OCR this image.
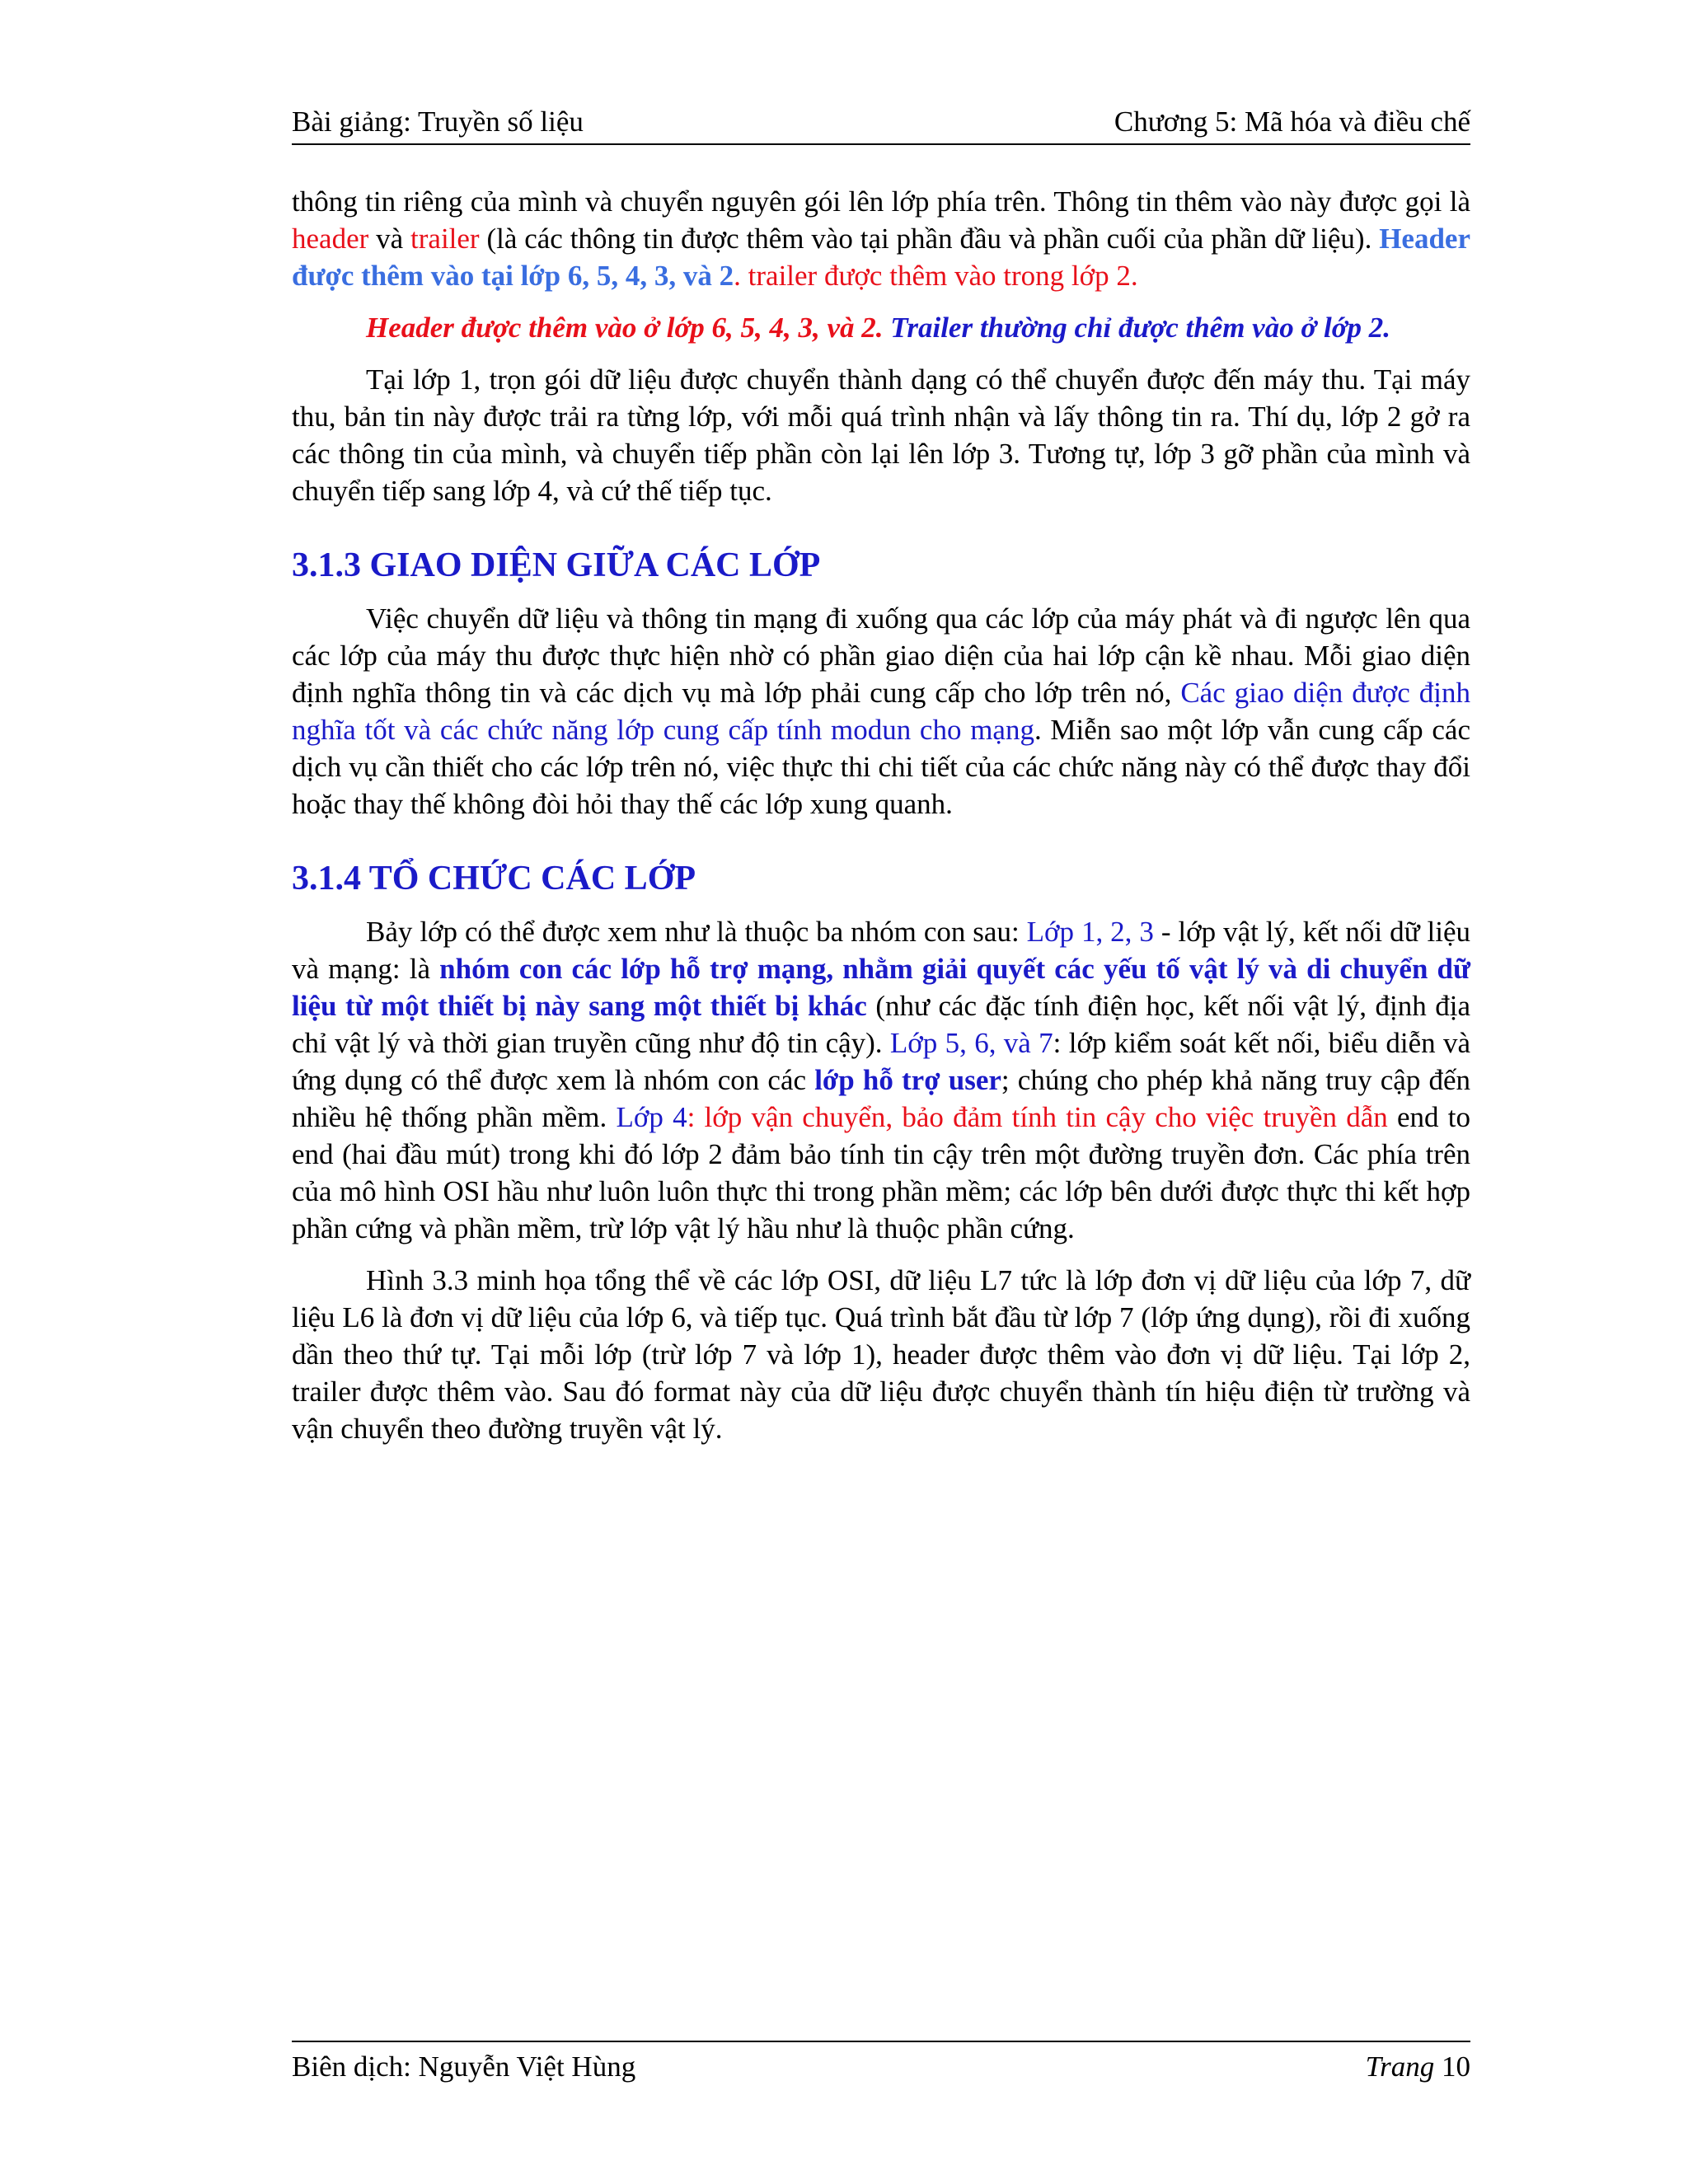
Bài giảng: Truyền số liệu	Chương 5: Mã hóa và điều chế

thông tin riêng của mình và chuyển nguyên gói lên lớp phía trên. Thông tin thêm vào này được gọi là header và trailer (là các thông tin được thêm vào tại phần đầu và phần cuối của phần dữ liệu). Header được thêm vào tại lớp 6, 5, 4, 3, và 2. trailer được thêm vào trong lớp 2.

Header được thêm vào ở lớp 6, 5, 4, 3, và 2. Trailer thường chỉ được thêm vào ở lớp 2.

Tại lớp 1, trọn gói dữ liệu được chuyển thành dạng có thể chuyển được đến máy thu. Tại máy thu, bản tin này được trải ra từng lớp, với mỗi quá trình nhận và lấy thông tin ra. Thí dụ, lớp 2 gở ra các thông tin của mình, và chuyển tiếp phần còn lại lên lớp 3. Tương tự, lớp 3 gỡ phần của mình và chuyển tiếp sang lớp 4, và cứ thế tiếp tục.

3.1.3 GIAO DIỆN GIỮA CÁC LỚP

Việc chuyển dữ liệu và thông tin mạng đi xuống qua các lớp của máy phát và đi ngược lên qua các lớp của máy thu được thực hiện nhờ có phần giao diện của hai lớp cận kề nhau. Mỗi giao diện định nghĩa thông tin và các dịch vụ mà lớp phải cung cấp cho lớp trên nó, Các giao diện được định nghĩa tốt và các chức năng lớp cung cấp tính modun cho mạng. Miễn sao một lớp vẫn cung cấp các dịch vụ cần thiết cho các lớp trên nó, việc thực thi chi tiết của các chức năng này có thể được thay đổi hoặc thay thế không đòi hỏi thay thế các lớp xung quanh.

3.1.4 TỔ CHỨC CÁC LỚP

Bảy lớp có thể được xem như là thuộc ba nhóm con sau: Lớp 1, 2, 3 - lớp vật lý, kết nối dữ liệu và mạng: là nhóm con các lớp hỗ trợ mạng, nhằm giải quyết các yếu tố vật lý và di chuyển dữ liệu từ một thiết bị này sang một thiết bị khác (như các đặc tính điện học, kết nối vật lý, định địa chỉ vật lý và thời gian truyền cũng như độ tin cậy). Lớp 5, 6, và 7: lớp kiểm soát kết nối, biểu diễn và ứng dụng có thể được xem là nhóm con các lớp hỗ trợ user; chúng cho phép khả năng truy cập đến nhiều hệ thống phần mềm. Lớp 4: lớp vận chuyển, bảo đảm tính tin cậy cho việc truyền dẫn end to end (hai đầu mút) trong khi đó lớp 2 đảm bảo tính tin cậy trên một đường truyền đơn. Các phía trên của mô hình OSI hầu như luôn luôn thực thi trong phần mềm; các lớp bên dưới được thực thi kết hợp phần cứng và phần mềm, trừ lớp vật lý hầu như là thuộc phần cứng.

Hình 3.3 minh họa tổng thể về các lớp OSI, dữ liệu L7 tức là lớp đơn vị dữ liệu của lớp 7, dữ liệu L6 là đơn vị dữ liệu của lớp 6, và tiếp tục. Quá trình bắt đầu từ lớp 7 (lớp ứng dụng), rồi đi xuống dần theo thứ tự. Tại mỗi lớp (trừ lớp 7 và lớp 1), header được thêm vào đơn vị dữ liệu. Tại lớp 2, trailer được thêm vào. Sau đó format này của dữ liệu được chuyển thành tín hiệu điện từ trường và vận chuyển theo đường truyền vật lý.

Biên dịch: Nguyễn Việt Hùng	Trang 10
